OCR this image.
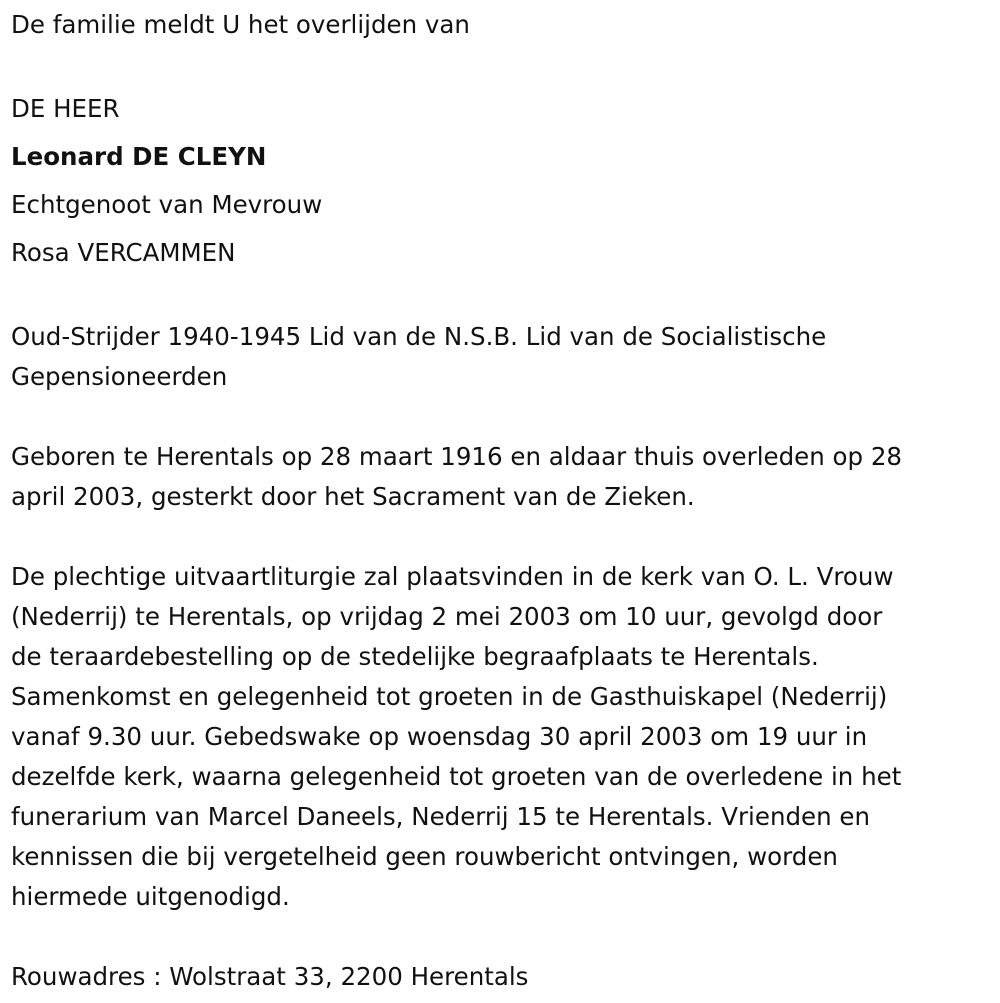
De familie meldt U het overlijden van

DE HEER

Leonard DE CLEYN

Echtgenoot van Mevrouw

Rosa VERCAMMEN

Oud-Strijder 1940-1945 Lid van de N.S.B. Lid van de Socialistische

Gepensioneerden

Geboren te Herentals op 28 maart 1916 en aldaar thuis overleden op 28

april 2003, gesterkt door het Sacrament van de Zieken.

De plechtige uitvaartliturgie zal plaatsvinden in de kerk van O. L. Vrouw

(Nederrij) te Herentals, op vrijdag 2 mei 2003 om 10 uur, gevolgd door

de teraardebestelling op de stedelijke begraafplaats te Herentals.

Samenkomst en gelegenheid tot groeten in de Gasthuiskapel (Nederrij)

vanaf 9.30 uur. Gebedswake op woensdag 30 april 2003 om 19 uur in

dezelfde kerk, waarna gelegenheid tot groeten van de overledene in het

funerarium van Marcel Daneels, Nederrij 15 te Herentals. Vrienden en

kennissen die bij vergetelheid geen rouwbericht ontvingen, worden

hiermede uitgenodigd.

Rouwadres : Wolstraat 33, 2200 Herentals
